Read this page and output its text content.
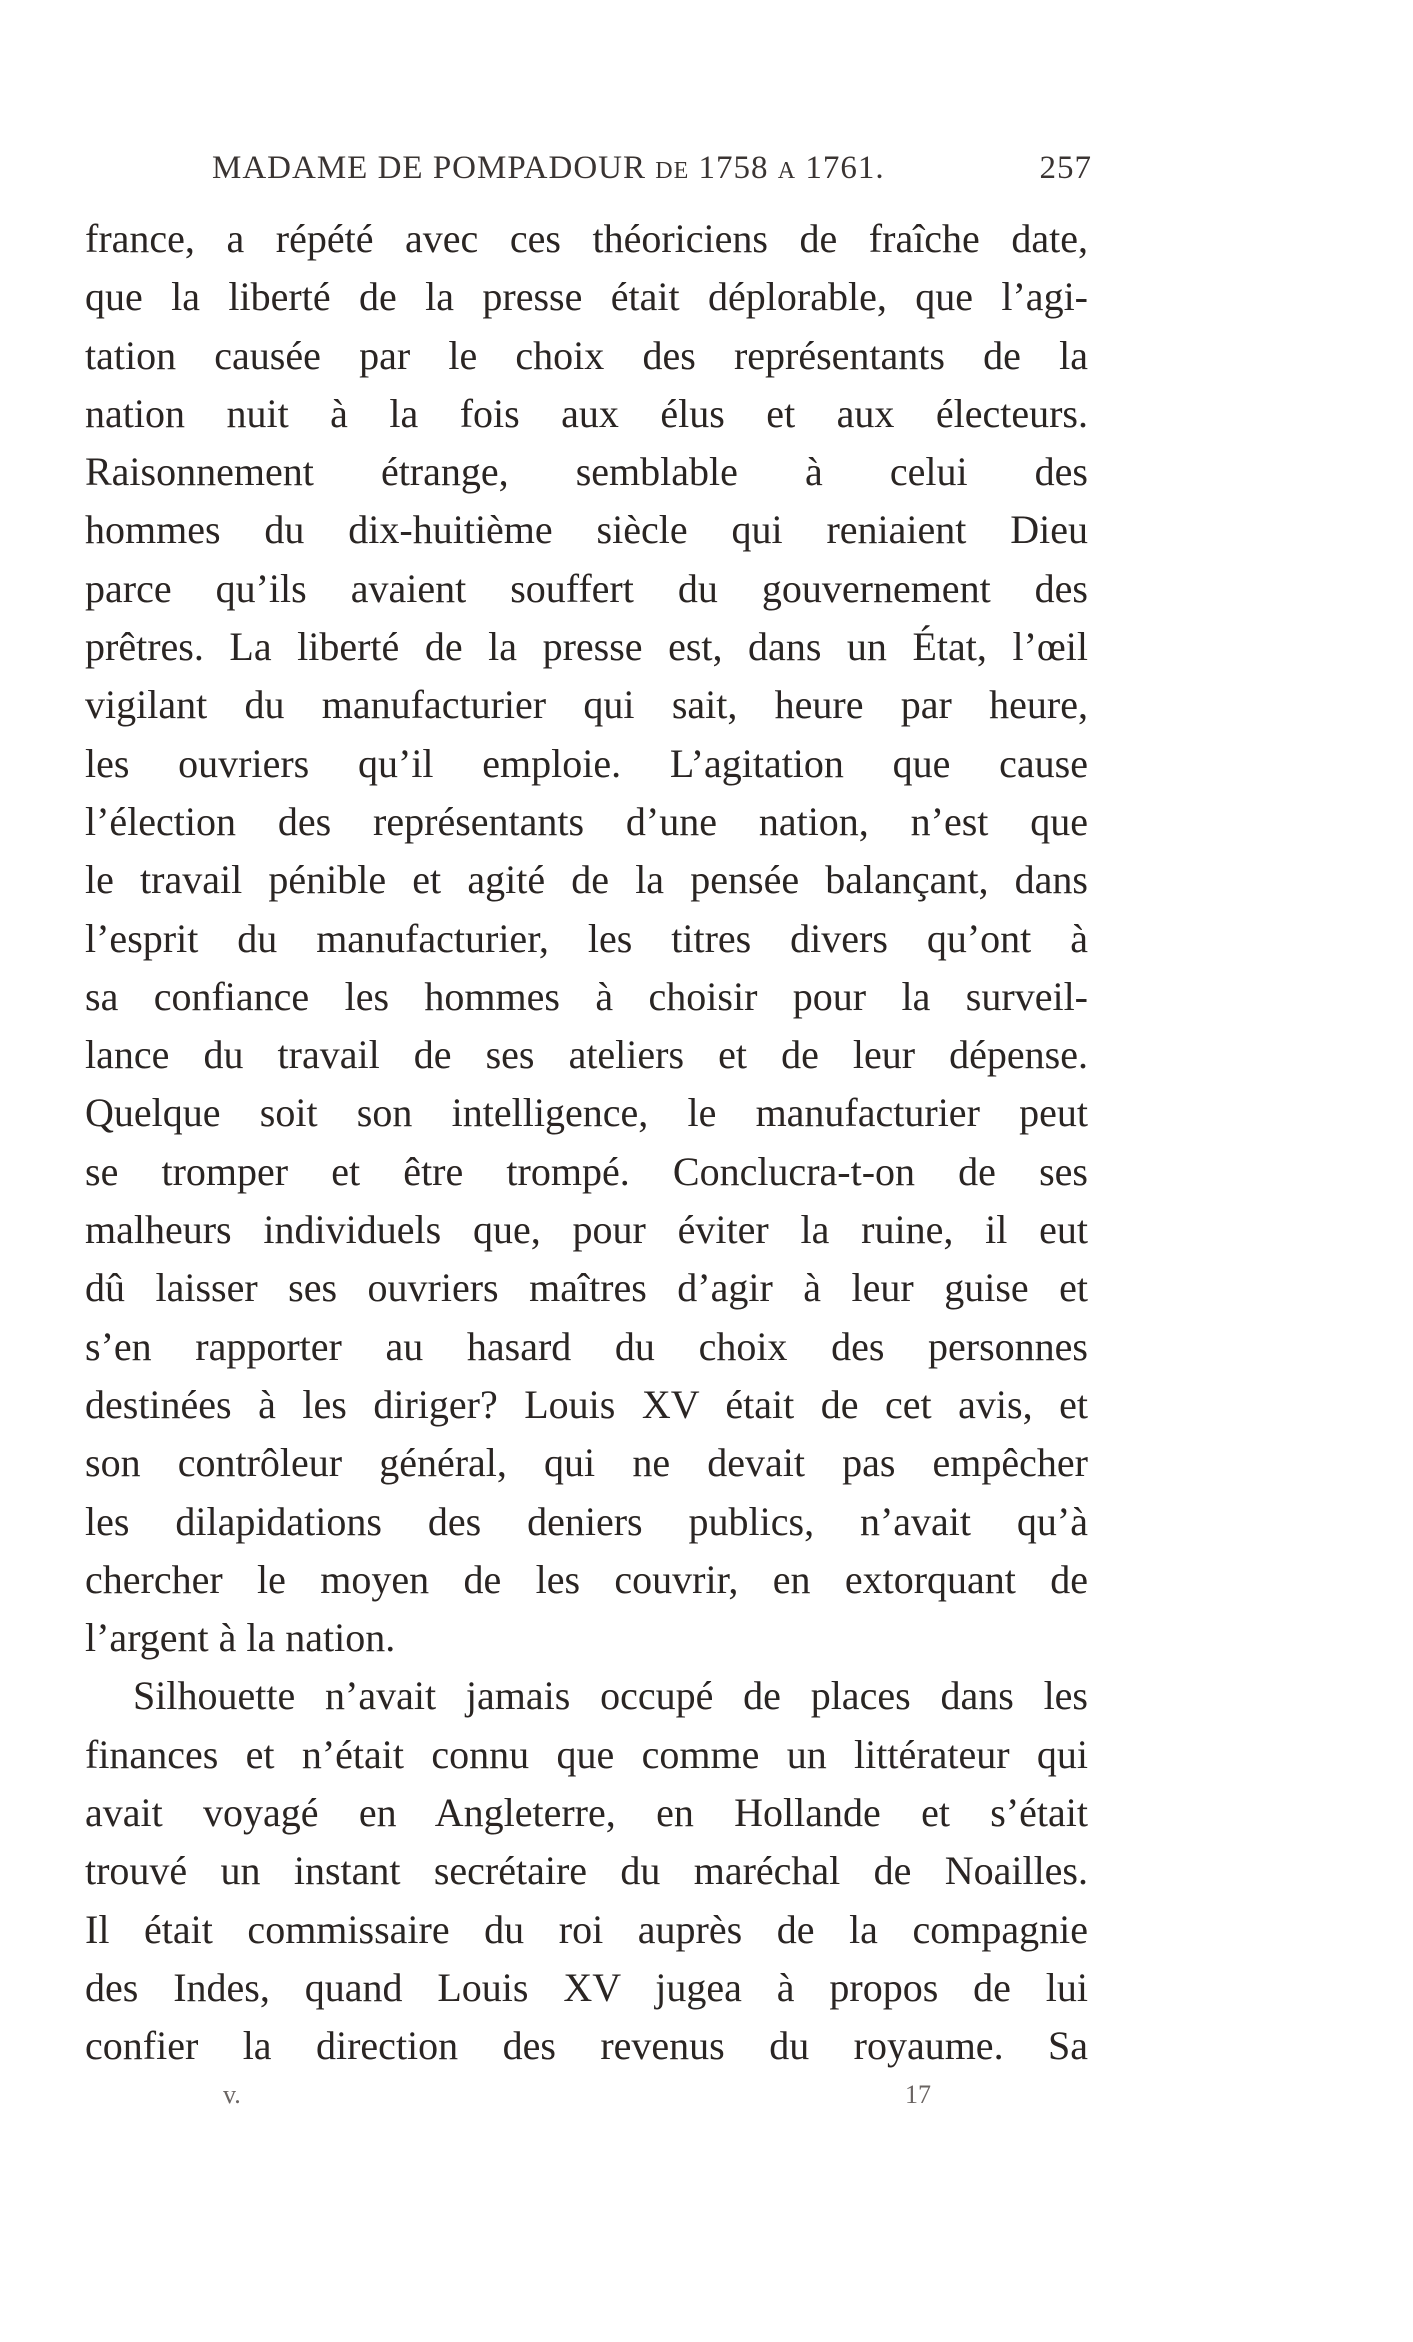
MADAME DE POMPADOUR DE 1758 A 1761.	257
france, a répété avec ces théoriciens de fraîche date,
que la liberté de la presse était déplorable, que l’agi-
tation causée par le choix des représentants de la
nation nuit à la fois aux élus et aux électeurs.
Raisonnement étrange, semblable à celui des
hommes du dix-huitième siècle qui reniaient Dieu
parce qu’ils avaient souffert du gouvernement des
prêtres. La liberté de la presse est, dans un État, l’œil
vigilant du manufacturier qui sait, heure par heure,
les ouvriers qu’il emploie. L’agitation que cause
l’élection des représentants d’une nation, n’est que
le travail pénible et agité de la pensée balançant, dans
l’esprit du manufacturier, les titres divers qu’ont à
sa confiance les hommes à choisir pour la surveil-
lance du travail de ses ateliers et de leur dépense.
Quelque soit son intelligence, le manufacturier peut
se tromper et être trompé. Conclucra-t-on de ses
malheurs individuels que, pour éviter la ruine, il eut
dû laisser ses ouvriers maîtres d’agir à leur guise et
s’en rapporter au hasard du choix des personnes
destinées à les diriger? Louis XV était de cet avis, et
son contrôleur général, qui ne devait pas empêcher
les dilapidations des deniers publics, n’avait qu’à
chercher le moyen de les couvrir, en extorquant de
l’argent à la nation.
Silhouette n’avait jamais occupé de places dans les
finances et n’était connu que comme un littérateur qui
avait voyagé en Angleterre, en Hollande et s’était
trouvé un instant secrétaire du maréchal de Noailles.
Il était commissaire du roi auprès de la compagnie
des Indes, quand Louis XV jugea à propos de lui
confier la direction des revenus du royaume. Sa
v.	17
